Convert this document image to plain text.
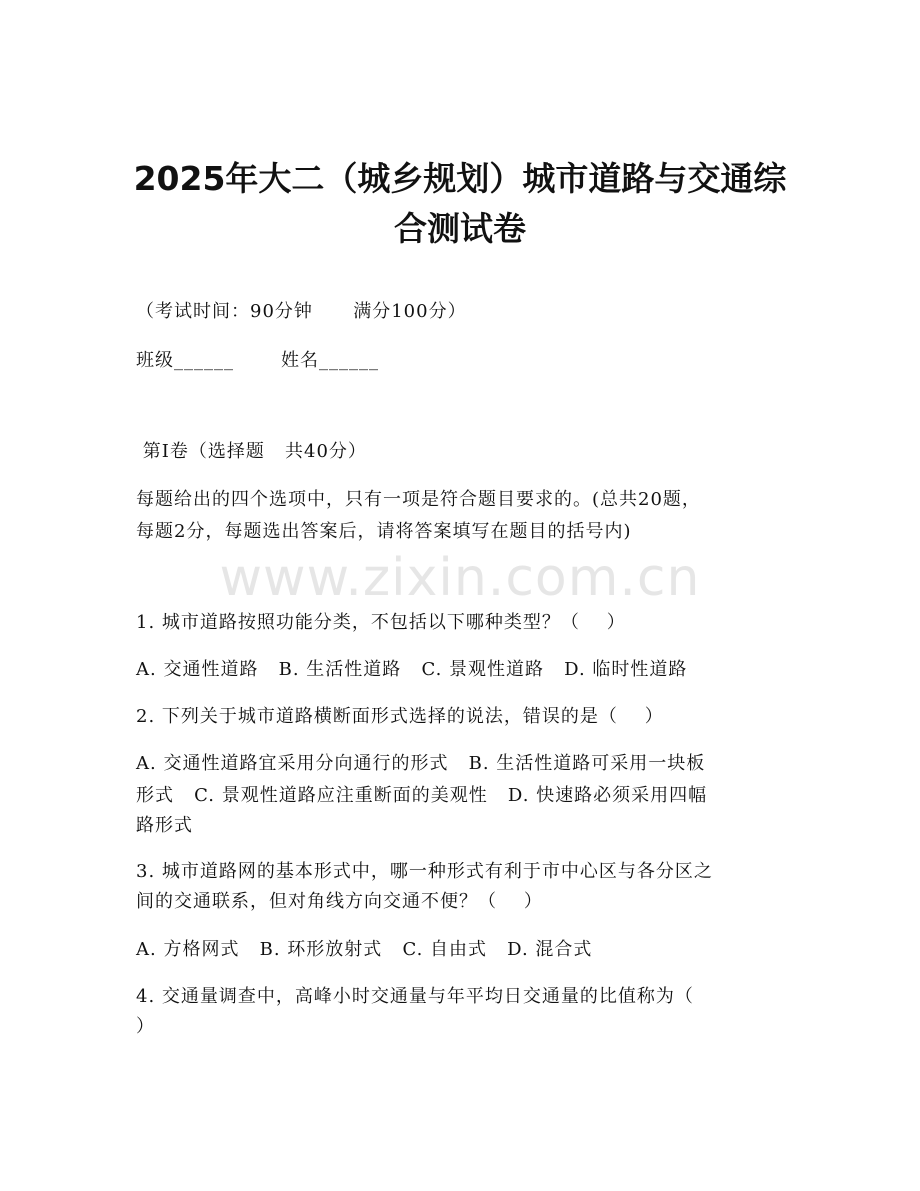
2025年大二（城乡规划）城市道路与交通综
合测试卷
（考试时间：90分钟      满分100分）
班级______       姓名______
第Ⅰ卷（选择题   共40分）
每题给出的四个选项中，只有一项是符合题目要求的。(总共20题，
每题2分，每题选出答案后，请将答案填写在题目的括号内)
www.zixin.com.cn
1. 城市道路按照功能分类，不包括以下哪种类型？（    ）
A. 交通性道路   B. 生活性道路   C. 景观性道路   D. 临时性道路
2. 下列关于城市道路横断面形式选择的说法，错误的是（    ）
A. 交通性道路宜采用分向通行的形式   B. 生活性道路可采用一块板
形式   C. 景观性道路应注重断面的美观性   D. 快速路必须采用四幅
路形式
3. 城市道路网的基本形式中，哪一种形式有利于市中心区与各分区之
间的交通联系，但对角线方向交通不便？（    ）
A. 方格网式   B. 环形放射式   C. 自由式   D. 混合式
4. 交通量调查中，高峰小时交通量与年平均日交通量的比值称为（
）
